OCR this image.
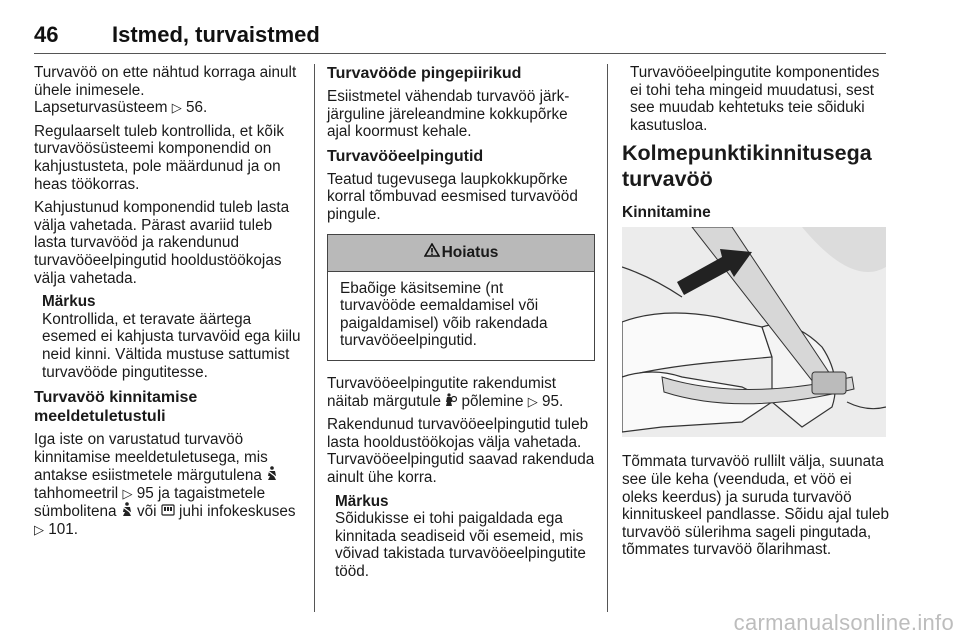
46 Istmed, turvaistmed

Turvavöö on ette nähtud korraga ainult ühele inimesele.
Lapseturvasüsteem ▷ 56.

Regulaarselt tuleb kontrollida, et kõik turvavöösüsteemi komponendid on kahjustusteta, pole määrdunud ja on heas töökorras.

Kahjustunud komponendid tuleb lasta välja vahetada. Pärast avariid tuleb lasta turvavööd ja rakendunud turvavööeelpingutid hooldustöökojas välja vahetada.

Märkus
Kontrollida, et teravate äärtega esemed ei kahjusta turvavöid ega kiilu neid kinni. Vältida mustuse sattumist turvavööde pingutitesse.
Turvavöö kinnitamise meeldetuletustuli

Iga iste on varustatud turvavöö kinnitamise meeldetuletusega, mis antakse esiistmetele märgutulena  tahhomeetril ▷ 95 ja tagaistmetele sümbolitena või juhi infokeskuses ▷ 101.

Turvavööde pingepiirikud

Esiistmetel vähendab turvavöö järk-järguline järeleandmine kokkupõrke ajal koormust kehale.

Turvavööeelpingutid

Teatud tugevusega laupkokkupõrke korral tõmbuvad eesmised turvavööd pingule.

Hoiatus
Ebaõige käsitsemine (nt turvavööde eemaldamisel või paigaldamisel) võib rakendada turvavööeelpingutid.

Turvavööeelpingutite rakendumist näitab märgutule põlemine ▷ 95.

Rakendunud turvavööeelpingutid tuleb lasta hooldustöökojas välja vahetada. Turvavööeelpingutid saavad rakenduda ainult ühe korra.

Märkus
Sõidukisse ei tohi paigaldada ega kinnitada seadiseid või esemeid, mis võivad takistada turvavööeelpingutite tööd.

Turvavööeelpingutite komponentides ei tohi teha mingeid muudatusi, sest see muudab kehtetuks teie sõiduki kasutusloa.

Kolmepunktikinnitusega turvavöö
Kinnitamine

Tõmmata turvavöö rullilt välja, suunata see üle keha (veenduda, et vöö ei oleks keerdus) ja suruda turvavöö kinnituskeel pandlasse. Sõidu ajal tuleb turvavöö sülerihma sageli pingutada, tõmmates turvavöö õlarihmast.

carmanualsonline.info
